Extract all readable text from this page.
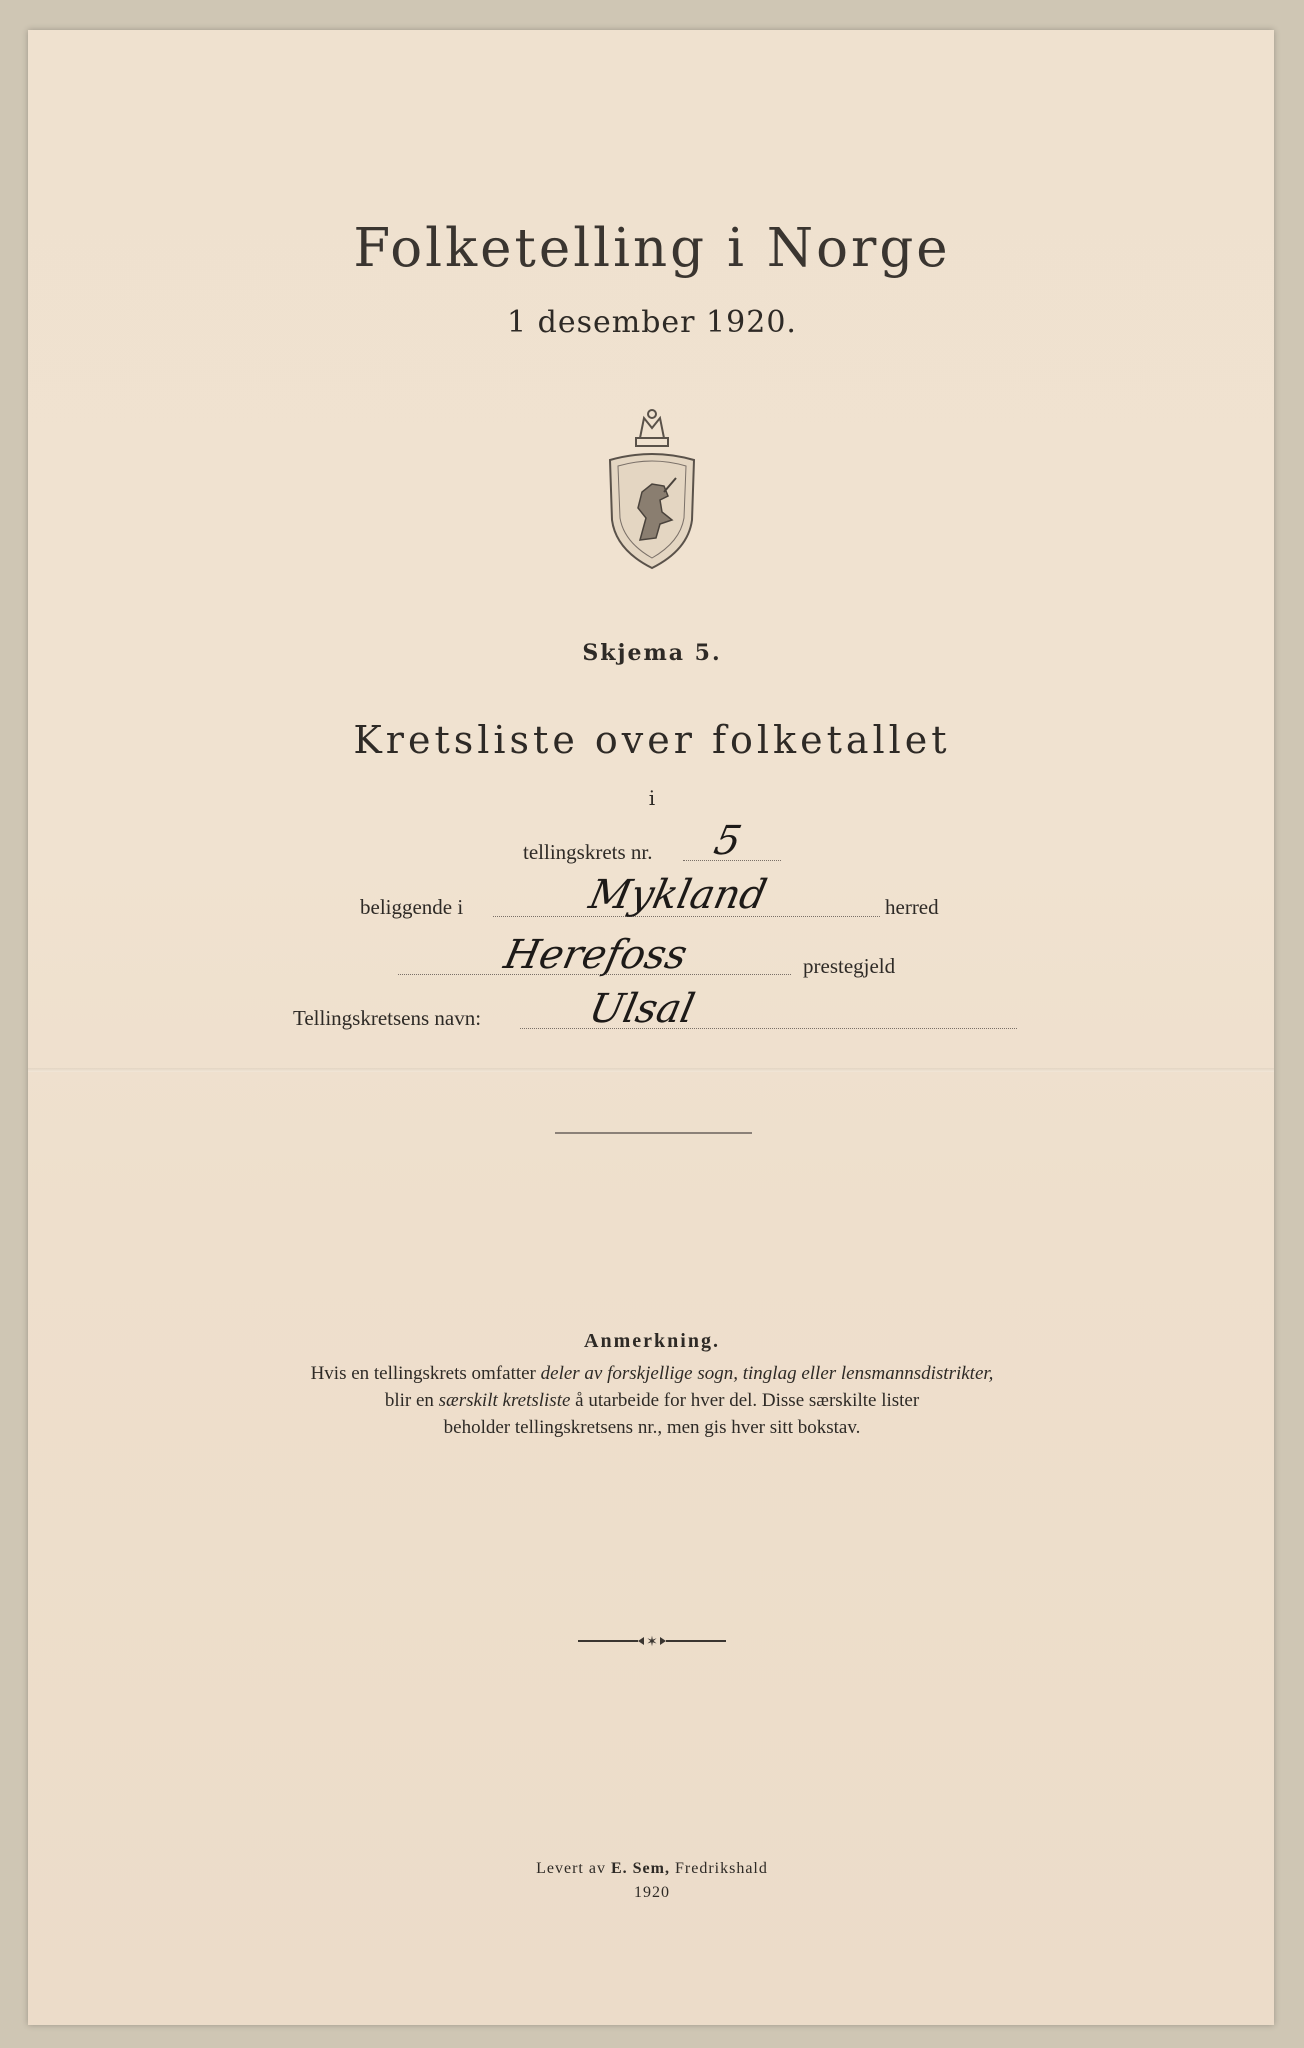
Folketelling i Norge
1 desember 1920.
Skjema 5.
Kretsliste over folketallet
i
tellingskrets nr. 5
beliggende i	Mykland	herred
Herefoss	prestegjeld
Tellingskretsens navn:	Ulsal
Anmerkning.
Hvis en tellingskrets omfatter deler av forskjellige sogn, tinglag eller lensmannsdistrikter,
blir en særskilt kretsliste å utarbeide for hver del. Disse særskilte lister
beholder tellingskretsens nr., men gis hver sitt bokstav.
✶
Levert av E. Sem, Fredrikshald
1920
